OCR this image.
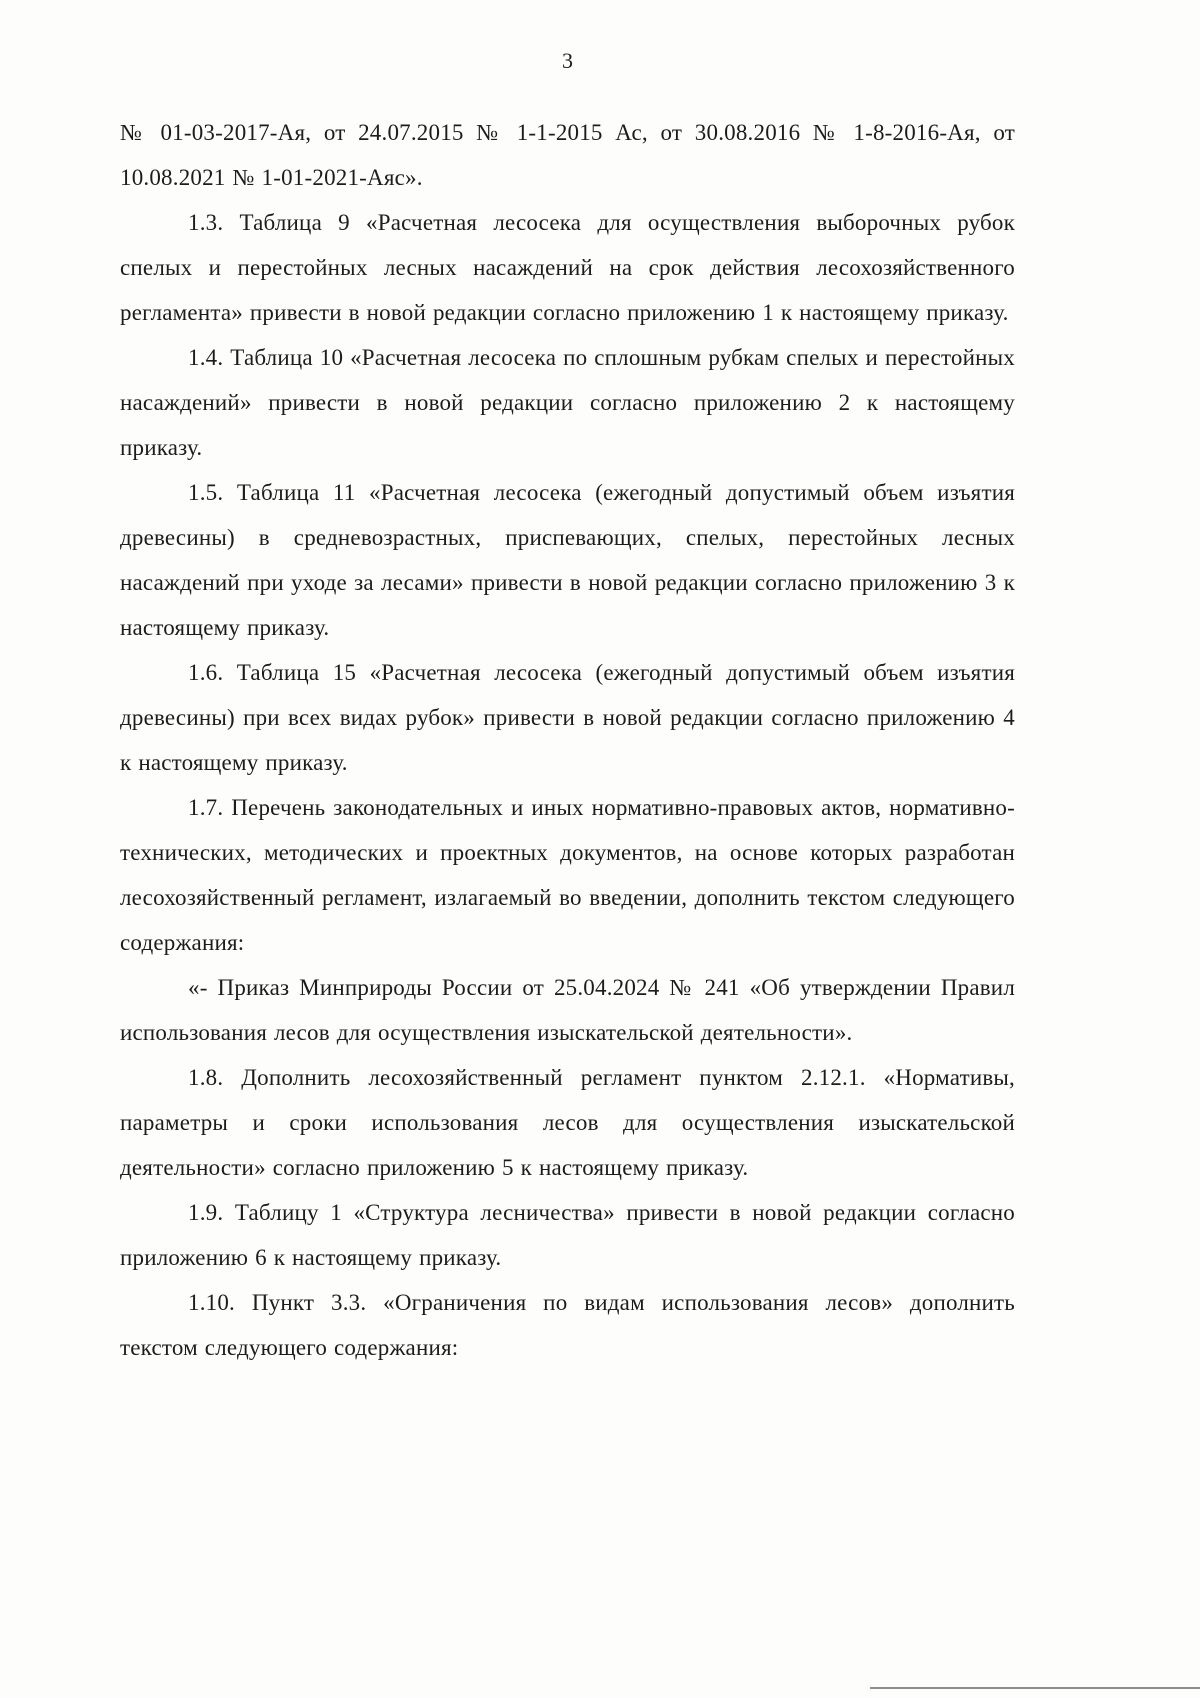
3

№ 01-03-2017-Ая, от 24.07.2015 № 1-1-2015 Ас, от 30.08.2016 № 1-8-2016-Ая, от 10.08.2021 № 1-01-2021-Аяс».

1.3. Таблица 9 «Расчетная лесосека для осуществления выборочных рубок спелых и перестойных лесных насаждений на срок действия лесохозяйственного регламента» привести в новой редакции согласно приложению 1 к настоящему приказу.

1.4. Таблица 10 «Расчетная лесосека по сплошным рубкам спелых и перестойных насаждений» привести в новой редакции согласно приложению 2 к настоящему приказу.

1.5. Таблица 11 «Расчетная лесосека (ежегодный допустимый объем изъятия древесины) в средневозрастных, приспевающих, спелых, перестойных лесных насаждений при уходе за лесами» привести в новой редакции согласно приложению 3 к настоящему приказу.

1.6. Таблица 15 «Расчетная лесосека (ежегодный допустимый объем изъятия древесины) при всех видах рубок» привести в новой редакции согласно приложению 4 к настоящему приказу.

1.7. Перечень законодательных и иных нормативно-правовых актов, нормативно-технических, методических и проектных документов, на основе которых разработан лесохозяйственный регламент, излагаемый во введении, дополнить текстом следующего содержания:

«- Приказ Минприроды России от 25.04.2024 № 241 «Об утверждении Правил использования лесов для осуществления изыскательской деятельности».

1.8. Дополнить лесохозяйственный регламент пунктом 2.12.1. «Нормативы, параметры и сроки использования лесов для осуществления изыскательской деятельности» согласно приложению 5 к настоящему приказу.

1.9. Таблицу 1 «Структура лесничества» привести в новой редакции согласно приложению 6 к настоящему приказу.

1.10. Пункт 3.3. «Ограничения по видам использования лесов» дополнить текстом следующего содержания:
